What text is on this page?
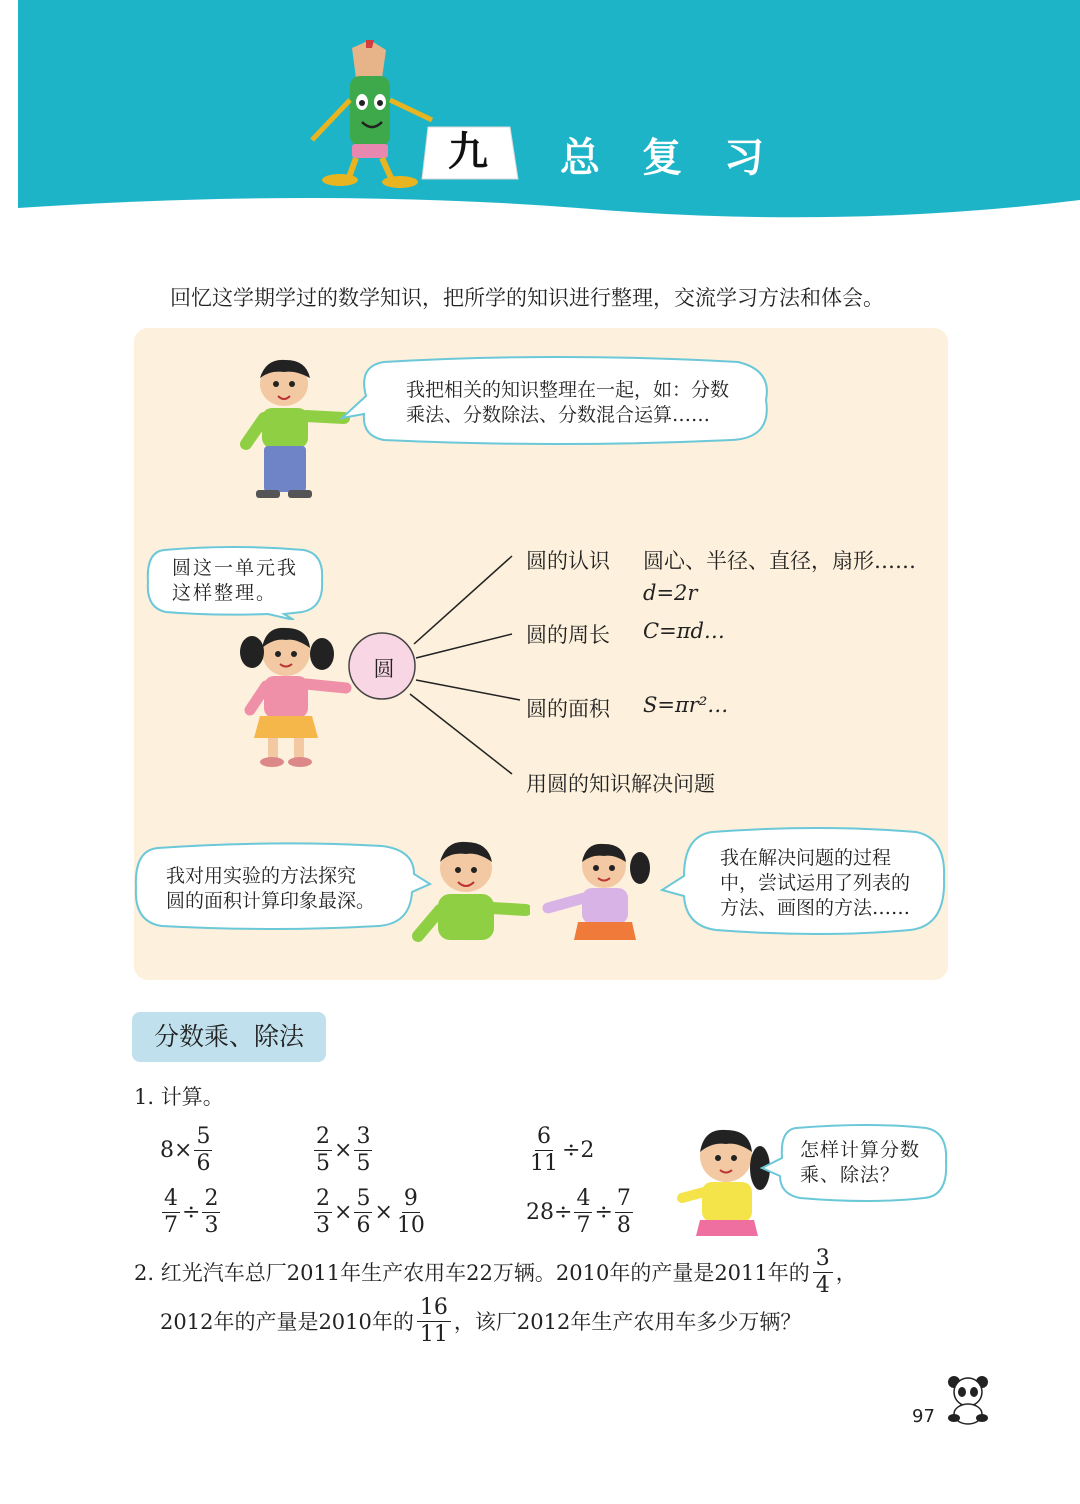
九	总复习
回忆这学期学过的数学知识，把所学的知识进行整理，交流学习方法和体会。
我把相关的知识整理在一起，如：分数
乘法、分数除法、分数混合运算……
圆这一单元我
这样整理。
圆
圆的认识 圆心、半径、直径，扇形……
d=2r
圆的周长 C=πd…
圆的面积 S=πr²…
用圆的知识解决问题
我对用实验的方法探究
圆的面积计算印象最深。
我在解决问题的过程
中，尝试运用了列表的
方法、画图的方法……
分数乘、除法
1. 计算。
$8\times \frac{5}{6}$	$\frac{2}{5} \times \frac{3}{5}$	$\frac{6}{11} \div 2$
$\frac{4}{7} \div \frac{2}{3}$	$\frac{2}{3} \times \frac{5}{6} \times \frac{9}{10}$	$28\div \frac{4}{7} \div \frac{7}{8}$
怎样计算分数
乘、除法？
2. 红光汽车总厂2011年生产农用车22万辆。2010年的产量是2011年的 $\frac{3}{4}$ ，
2012年的产量是2010年的 $\frac{16}{11}$ ，该厂2012年生产农用车多少万辆？
97
